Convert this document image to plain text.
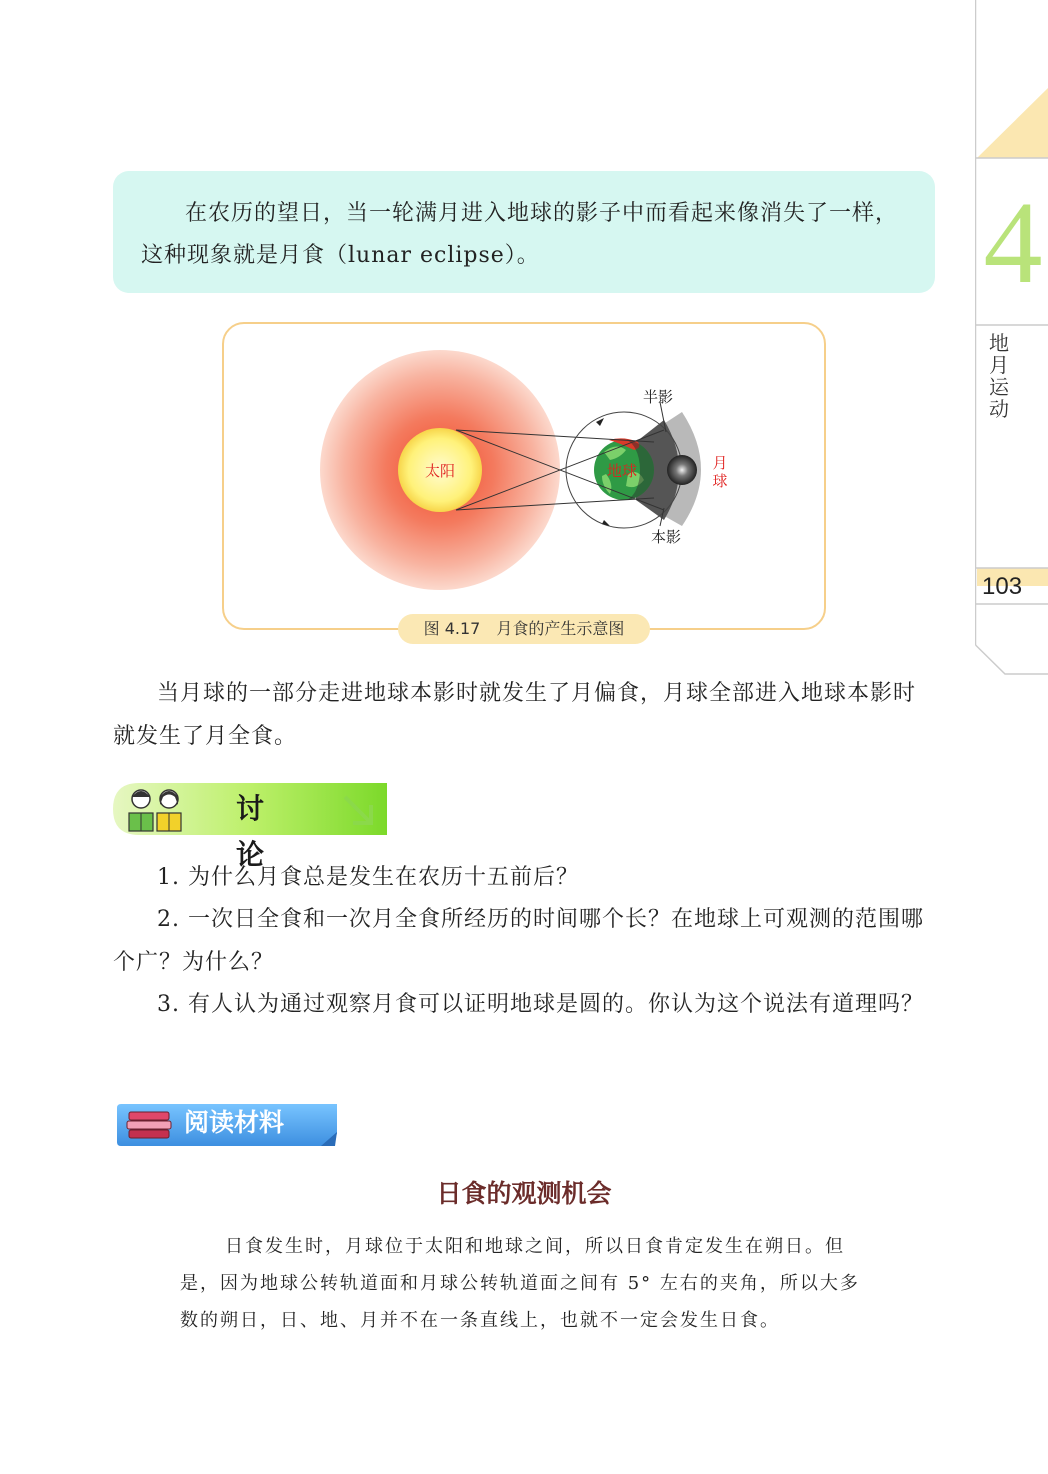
4
地月运动
103

在农历的望日，当一轮满月进入地球的影子中而看起来像消失了一样，这种现象就是月食（lunar eclipse）。

太阳	地球
半影
本影
月球
图 4.17　月食的产生示意图

当月球的一部分走进地球本影时就发生了月偏食，月球全部进入地球本影时就发生了月全食。

讨论

1. 为什么月食总是发生在农历十五前后？

2. 一次日全食和一次月全食所经历的时间哪个长？在地球上可观测的范围哪个广？为什么？

3. 有人认为通过观察月食可以证明地球是圆的。你认为这个说法有道理吗？

阅读材料
日食的观测机会

日食发生时，月球位于太阳和地球之间，所以日食肯定发生在朔日。但是，因为地球公转轨道面和月球公转轨道面之间有 5° 左右的夹角，所以大多数的朔日，日、地、月并不在一条直线上，也就不一定会发生日食。
